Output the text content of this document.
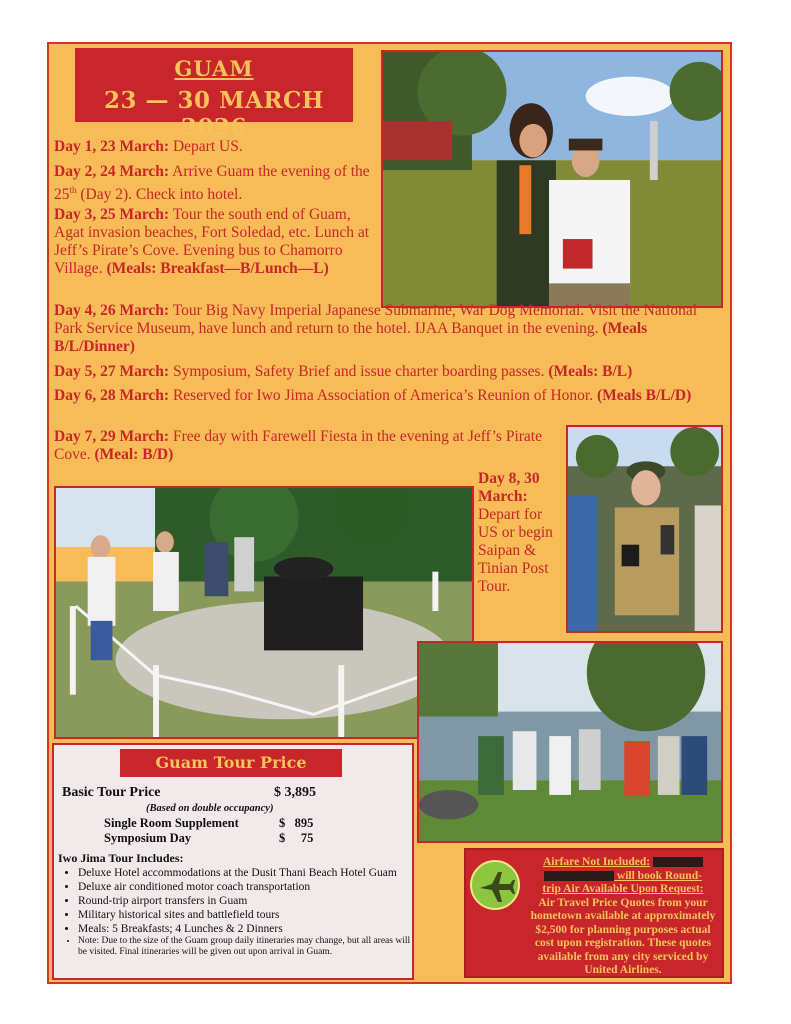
GUAM
23 — 30 MARCH 2026
Day 1, 23 March: Depart US.
Day 2, 24 March: Arrive Guam the evening of the 25th (Day 2). Check into hotel.
Day 3, 25 March: Tour the south end of Guam, Agat invasion beaches, Fort Soledad, etc. Lunch at Jeff’s Pirate’s Cove. Evening bus to Chamorro Village. (Meals: Breakfast—B/Lunch—L)
Day 4, 26 March: Tour Big Navy Imperial Japanese Submarine, War Dog Memorial. Visit the National Park Service Museum, have lunch and return to the hotel. IJAA Banquet in the evening. (Meals B/L/Dinner)
Day 5, 27 March: Symposium, Safety Brief and issue charter boarding passes. (Meals: B/L)
Day 6, 28 March: Reserved for Iwo Jima Association of America’s Reunion of Honor. (Meals B/L/D)
Day 7, 29 March: Free day with Farewell Fiesta in the evening at Jeff’s Pirate Cove. (Meal: B/D)
Day 8, 30 March: Depart for US or begin Saipan & Tinian Post Tour.
Guam Tour Price
Basic Tour Price	$ 3,895
(Based on double occupancy)
Single Room Supplement	$   895
Symposium Day	$     75
Iwo Jima Tour Includes:
• Deluxe Hotel accommodations at the Dusit Thani Beach Hotel Guam
• Deluxe air conditioned motor coach transportation
• Round-trip airport transfers in Guam
• Military historical sites and battlefield tours
• Meals: 5 Breakfasts; 4 Lunches & 2 Dinners
• Note: Due to the size of the Guam group daily itineraries may change, but all areas will be visited. Final itineraries will be given out upon arrival in Guam.
Airfare Not Included:
will book Round-
trip Air Available Upon Request:
Air Travel Price Quotes from your hometown available at approximately $2,500 for planning purposes actual cost upon registration. These quotes available from any city serviced by United Airlines.
